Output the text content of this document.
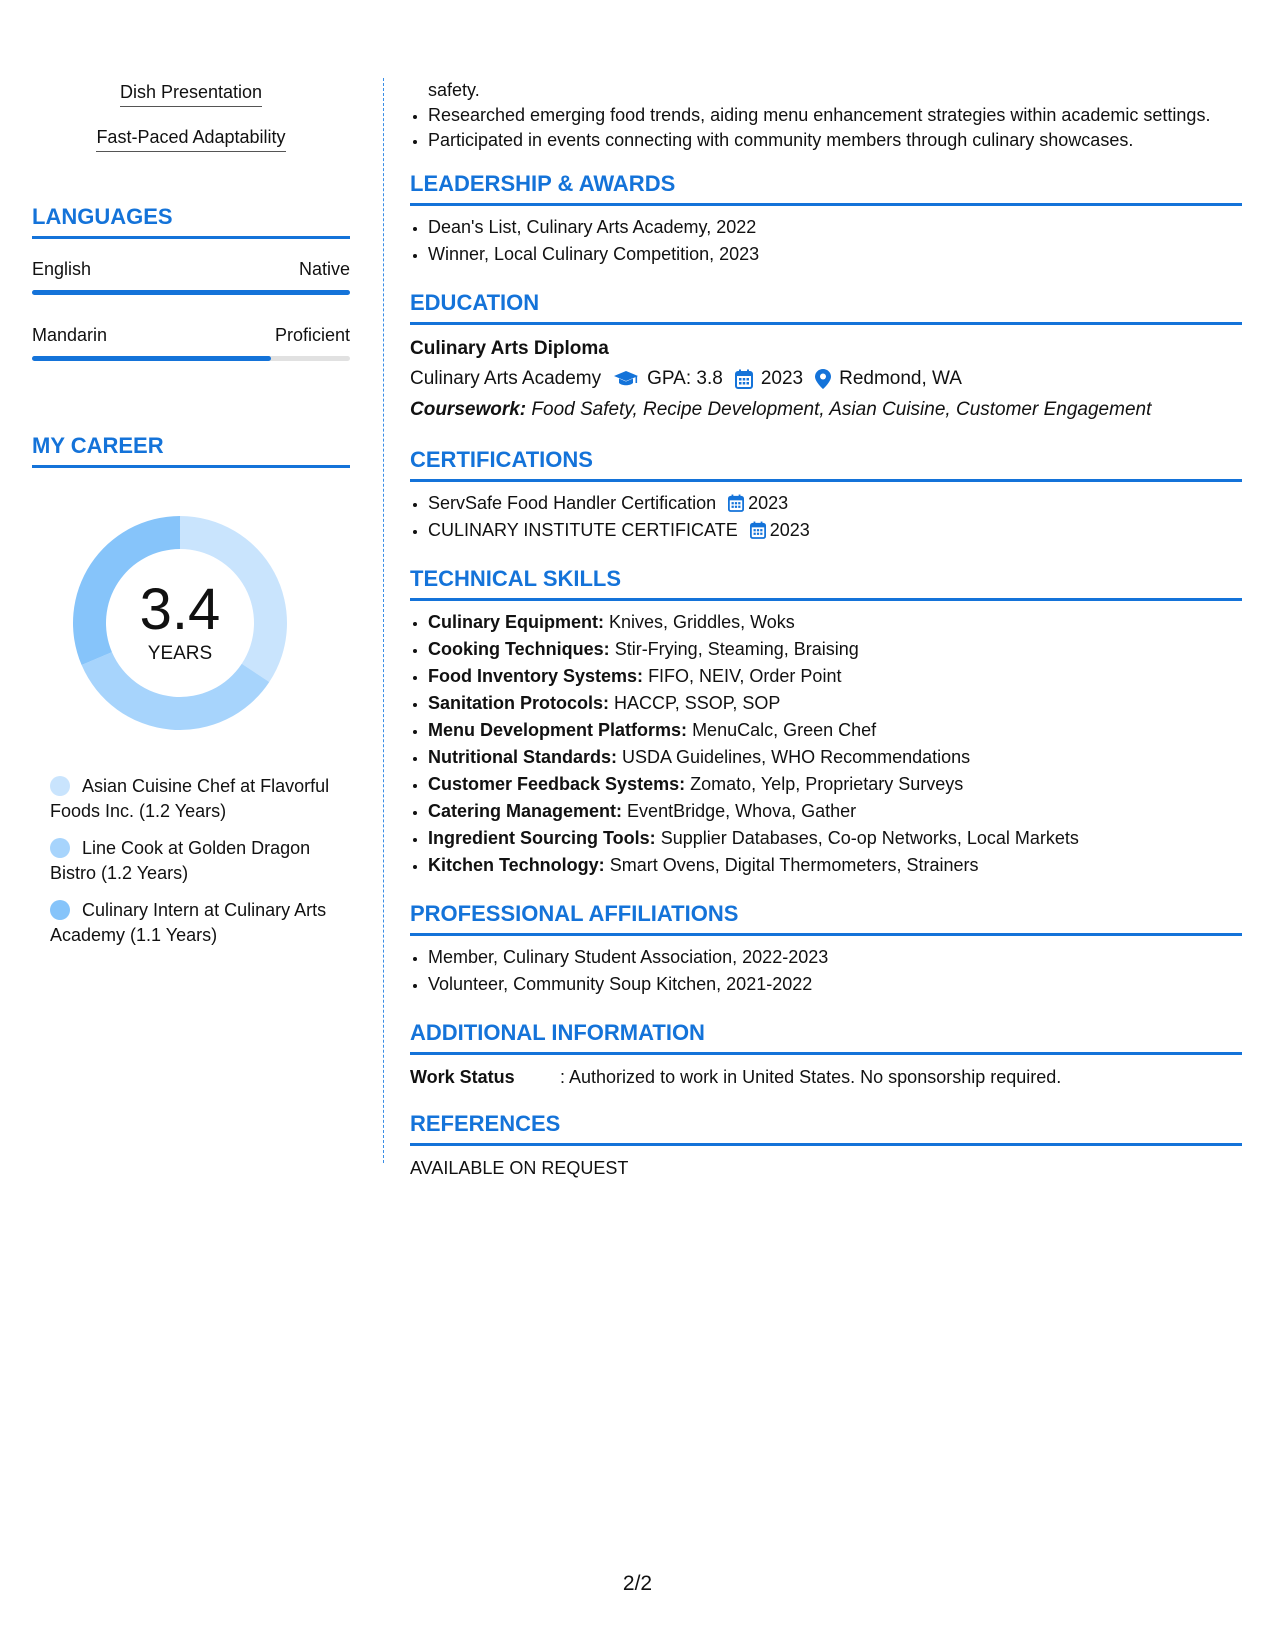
Dish Presentation
Fast-Paced Adaptability
LANGUAGES
English	Native
Mandarin	Proficient
MY CAREER
3.4
YEARS
Asian Cuisine Chef at Flavorful Foods Inc. (1.2 Years)
Line Cook at Golden Dragon Bistro (1.2 Years)
Culinary Intern at Culinary Arts Academy (1.1 Years)
safety.
• Researched emerging food trends, aiding menu enhancement strategies within academic settings.
• Participated in events connecting with community members through culinary showcases.
LEADERSHIP & AWARDS
• Dean's List, Culinary Arts Academy, 2022
• Winner, Local Culinary Competition, 2023
EDUCATION
Culinary Arts Diploma
Culinary Arts Academy GPA: 3.8 2023 Redmond, WA
Coursework: Food Safety, Recipe Development, Asian Cuisine, Customer Engagement
CERTIFICATIONS
• ServSafe Food Handler Certification 2023
• CULINARY INSTITUTE CERTIFICATE 2023
TECHNICAL SKILLS
• Culinary Equipment: Knives, Griddles, Woks
• Cooking Techniques: Stir-Frying, Steaming, Braising
• Food Inventory Systems: FIFO, NEIV, Order Point
• Sanitation Protocols: HACCP, SSOP, SOP
• Menu Development Platforms: MenuCalc, Green Chef
• Nutritional Standards: USDA Guidelines, WHO Recommendations
• Customer Feedback Systems: Zomato, Yelp, Proprietary Surveys
• Catering Management: EventBridge, Whova, Gather
• Ingredient Sourcing Tools: Supplier Databases, Co-op Networks, Local Markets
• Kitchen Technology: Smart Ovens, Digital Thermometers, Strainers
PROFESSIONAL AFFILIATIONS
• Member, Culinary Student Association, 2022-2023
• Volunteer, Community Soup Kitchen, 2021-2022
ADDITIONAL INFORMATION
Work Status	: Authorized to work in United States. No sponsorship required.
REFERENCES
AVAILABLE ON REQUEST
2/2
